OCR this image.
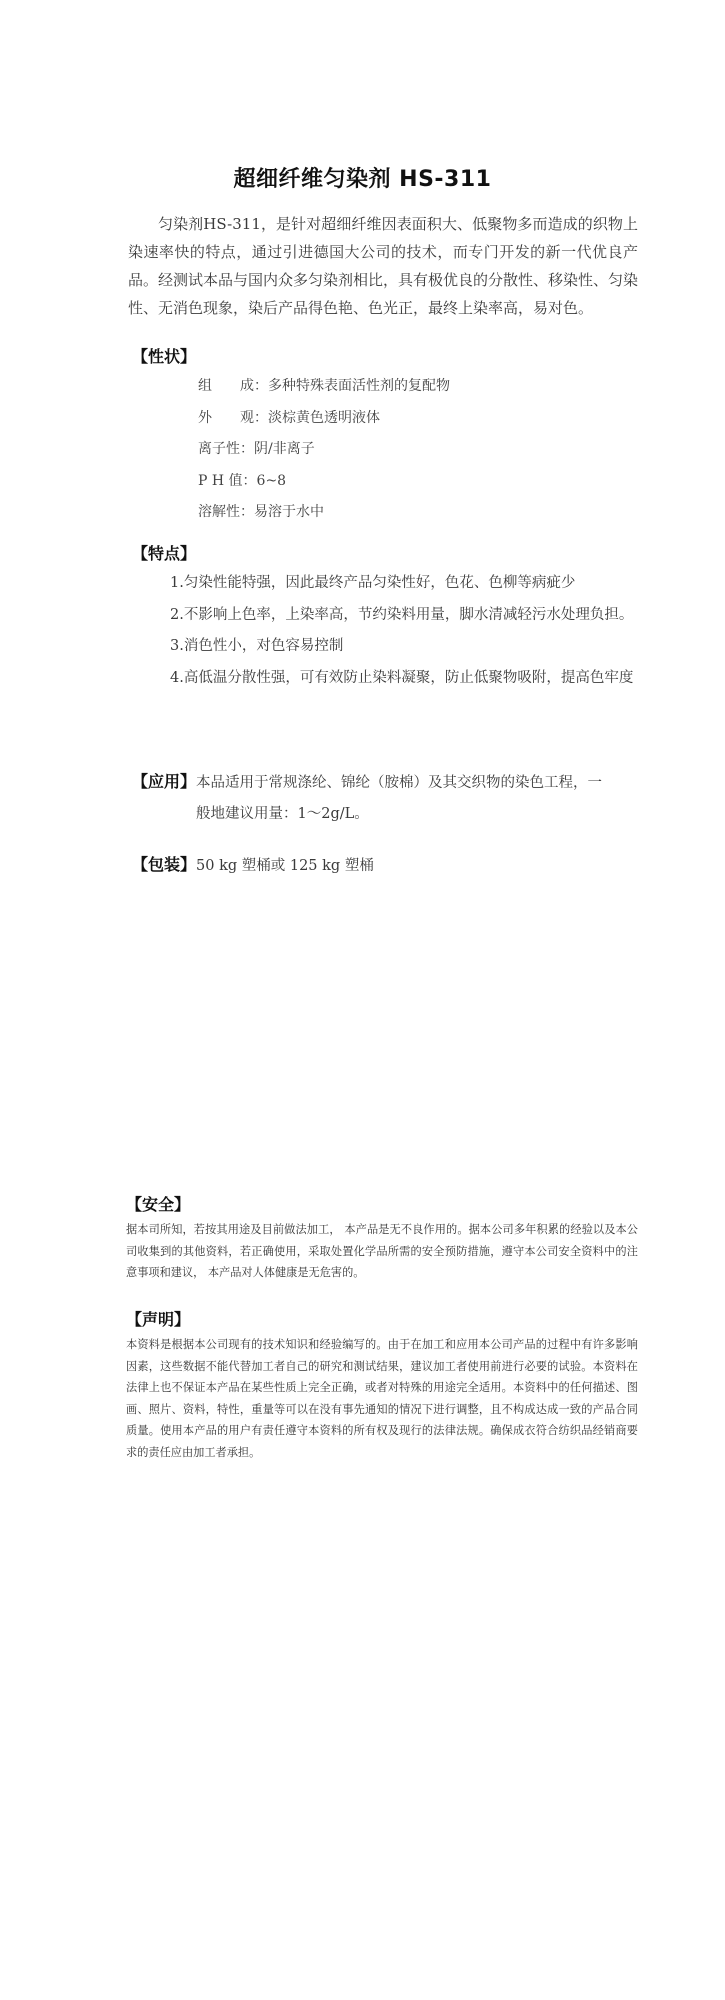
超细纤维匀染剂 HS-311

匀染剂HS-311，是针对超细纤维因表面积大、低聚物多而造成的织物上染速率快的特点，通过引进德国大公司的技术，而专门开发的新一代优良产品。经测试本品与国内众多匀染剂相比，具有极优良的分散性、移染性、匀染性、无消色现象，染后产品得色艳、色光正，最终上染率高，易对色。

【性状】
组　　成：多种特殊表面活性剂的复配物
外　　观：淡棕黄色透明液体
离子性：阴/非离子
P H 值：6~8
溶解性：易溶于水中
【特点】
1.匀染性能特强，因此最终产品匀染性好，色花、色柳等病疵少
2.不影响上色率，上染率高，节约染料用量，脚水清减轻污水处理负担。
3.消色性小，对色容易控制
4.高低温分散性强，可有效防止染料凝聚，防止低聚物吸附，提高色牢度
【应用】本品适用于常规涤纶、锦纶（胺棉）及其交织物的染色工程，一
般地建议用量：1～2g/L。
【包装】50 kg 塑桶或 125 kg 塑桶
【安全】

据本司所知，若按其用途及目前做法加工， 本产品是无不良作用的。据本公司多年积累的经验以及本公司收集到的其他资料，若正确使用，采取处置化学品所需的安全预防措施，遵守本公司安全资料中的注意事项和建议， 本产品对人体健康是无危害的。

【声明】

本资料是根据本公司现有的技术知识和经验编写的。由于在加工和应用本公司产品的过程中有许多影响因素，这些数据不能代替加工者自己的研究和测试结果，建议加工者使用前进行必要的试验。本资料在法律上也不保证本产品在某些性质上完全正确，或者对特殊的用途完全适用。本资料中的任何描述、图画、照片、资料，特性，重量等可以在没有事先通知的情况下进行调整，且不构成达成一致的产品合同质量。使用本产品的用户有责任遵守本资料的所有权及现行的法律法规。确保成衣符合纺织品经销商要求的责任应由加工者承担。
